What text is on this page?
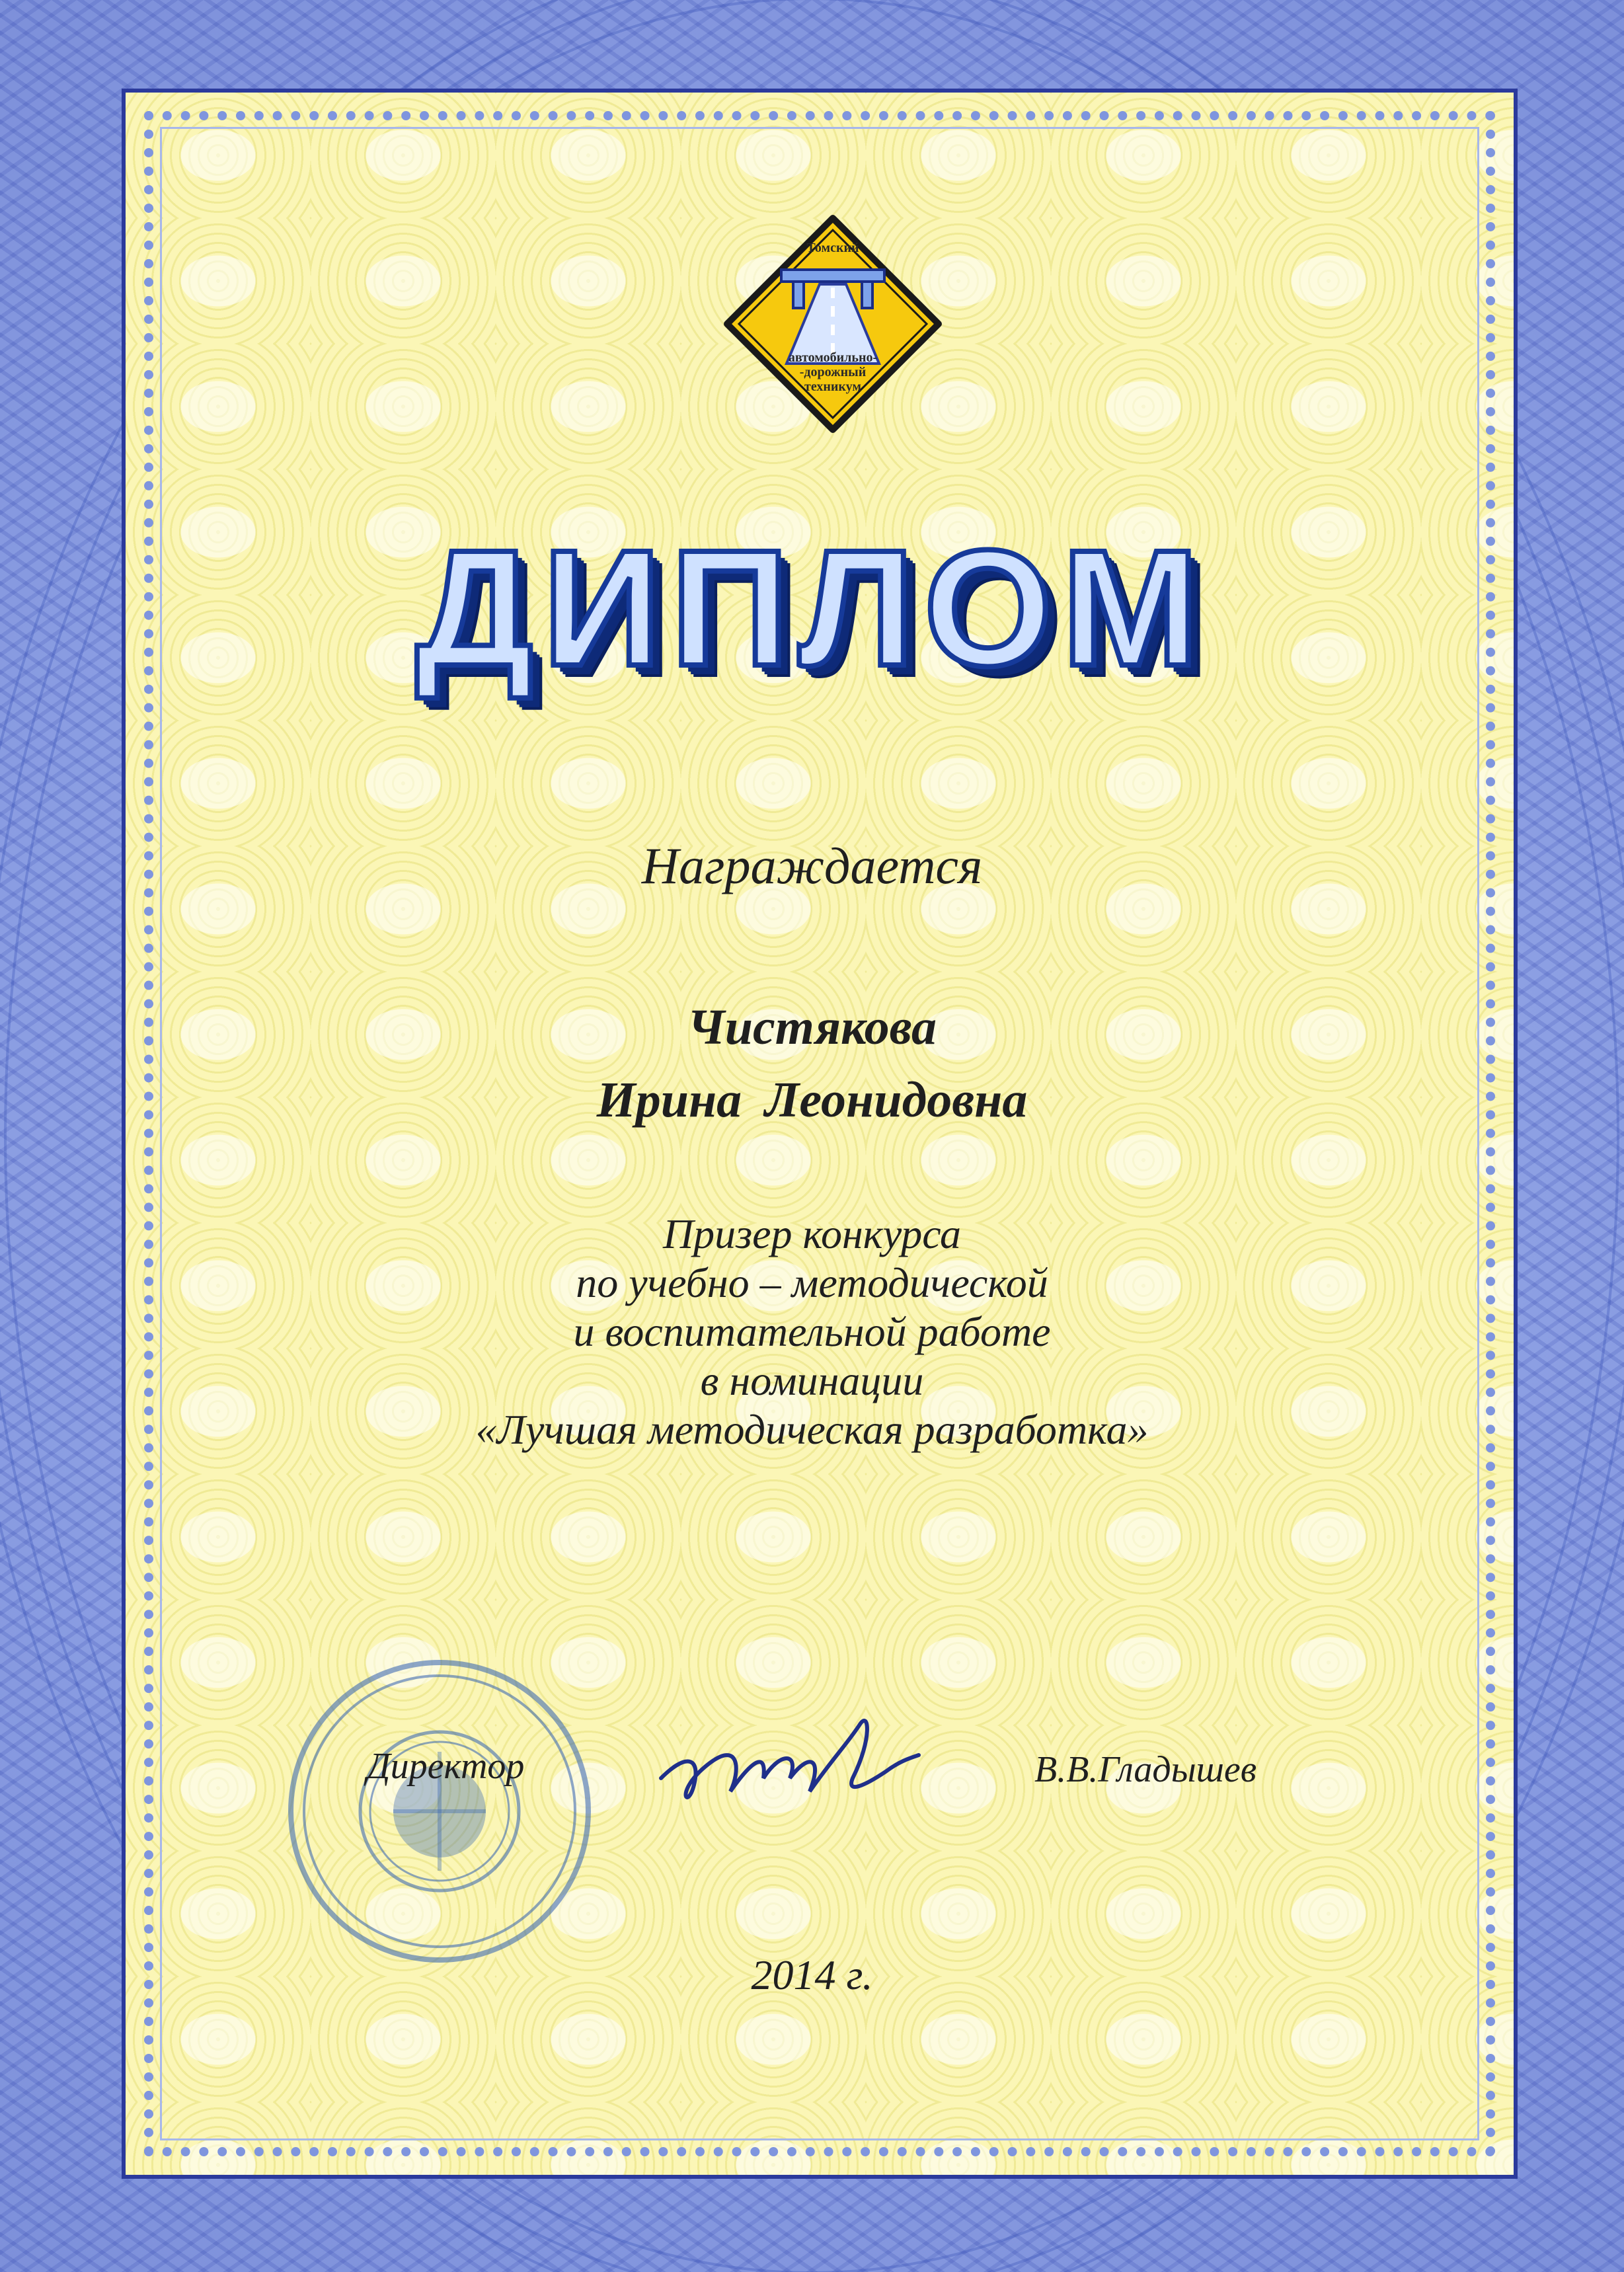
Томский
автомобильно-
-дорожный
техникум
ДИПЛОМ
Награждается
Чистякова
Ирина Леонидовна
Призер конкурса
по учебно – методической
и воспитательной работе
в номинации
«Лучшая методическая разработка»
Директор	В.В.Гладышев
2014 г.
